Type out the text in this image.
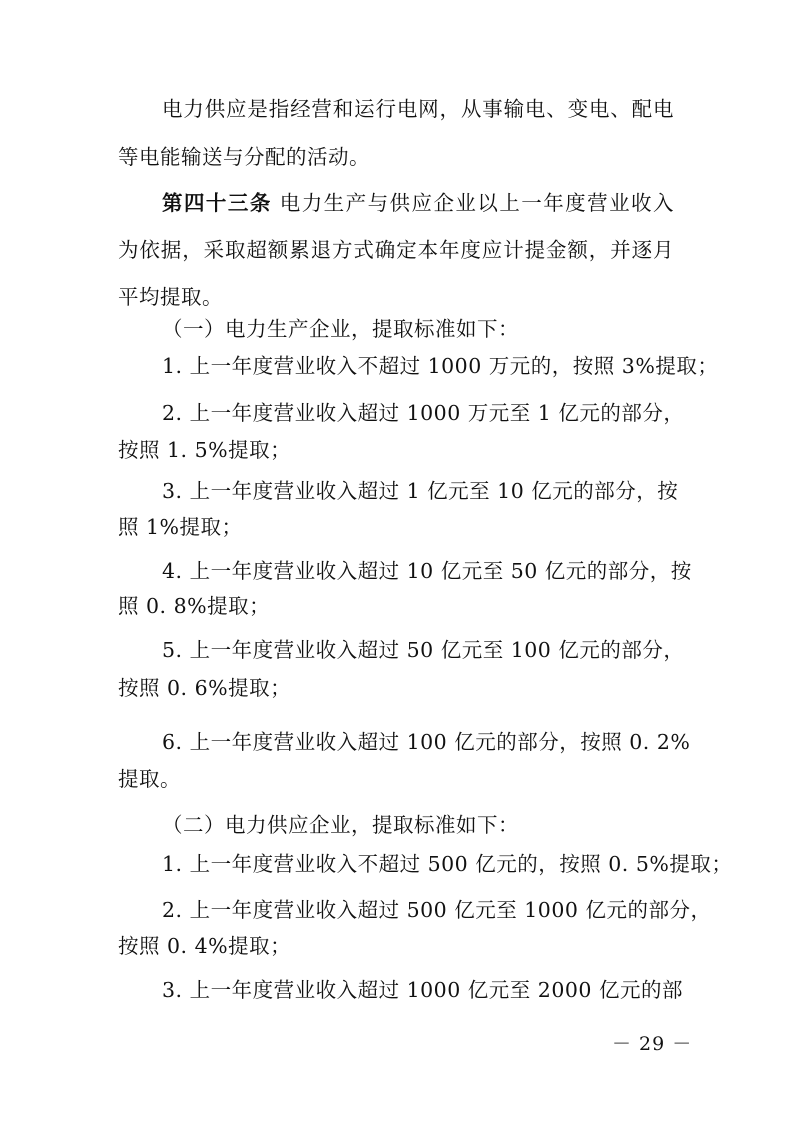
电力供应是指经营和运行电网，从事输电、变电、配电
等电能输送与分配的活动。
第四十三条 电力生产与供应企业以上一年度营业收入
为依据，采取超额累退方式确定本年度应计提金额，并逐月
平均提取。
（一）电力生产企业，提取标准如下：
1. 上一年度营业收入不超过 1000 万元的，按照 3%提取；
2. 上一年度营业收入超过 1000 万元至 1 亿元的部分，
按照 1. 5%提取；
3. 上一年度营业收入超过 1 亿元至 10 亿元的部分，按
照 1%提取；
4. 上一年度营业收入超过 10 亿元至 50 亿元的部分，按
照 0. 8%提取；
5. 上一年度营业收入超过 50 亿元至 100 亿元的部分，
按照 0. 6%提取；
6. 上一年度营业收入超过 100 亿元的部分，按照 0. 2%
提取。
（二）电力供应企业，提取标准如下：
1. 上一年度营业收入不超过 500 亿元的，按照 0. 5%提取；
2. 上一年度营业收入超过 500 亿元至 1000 亿元的部分，
按照 0. 4%提取；
3. 上一年度营业收入超过 1000 亿元至 2000 亿元的部
－ 29 －
